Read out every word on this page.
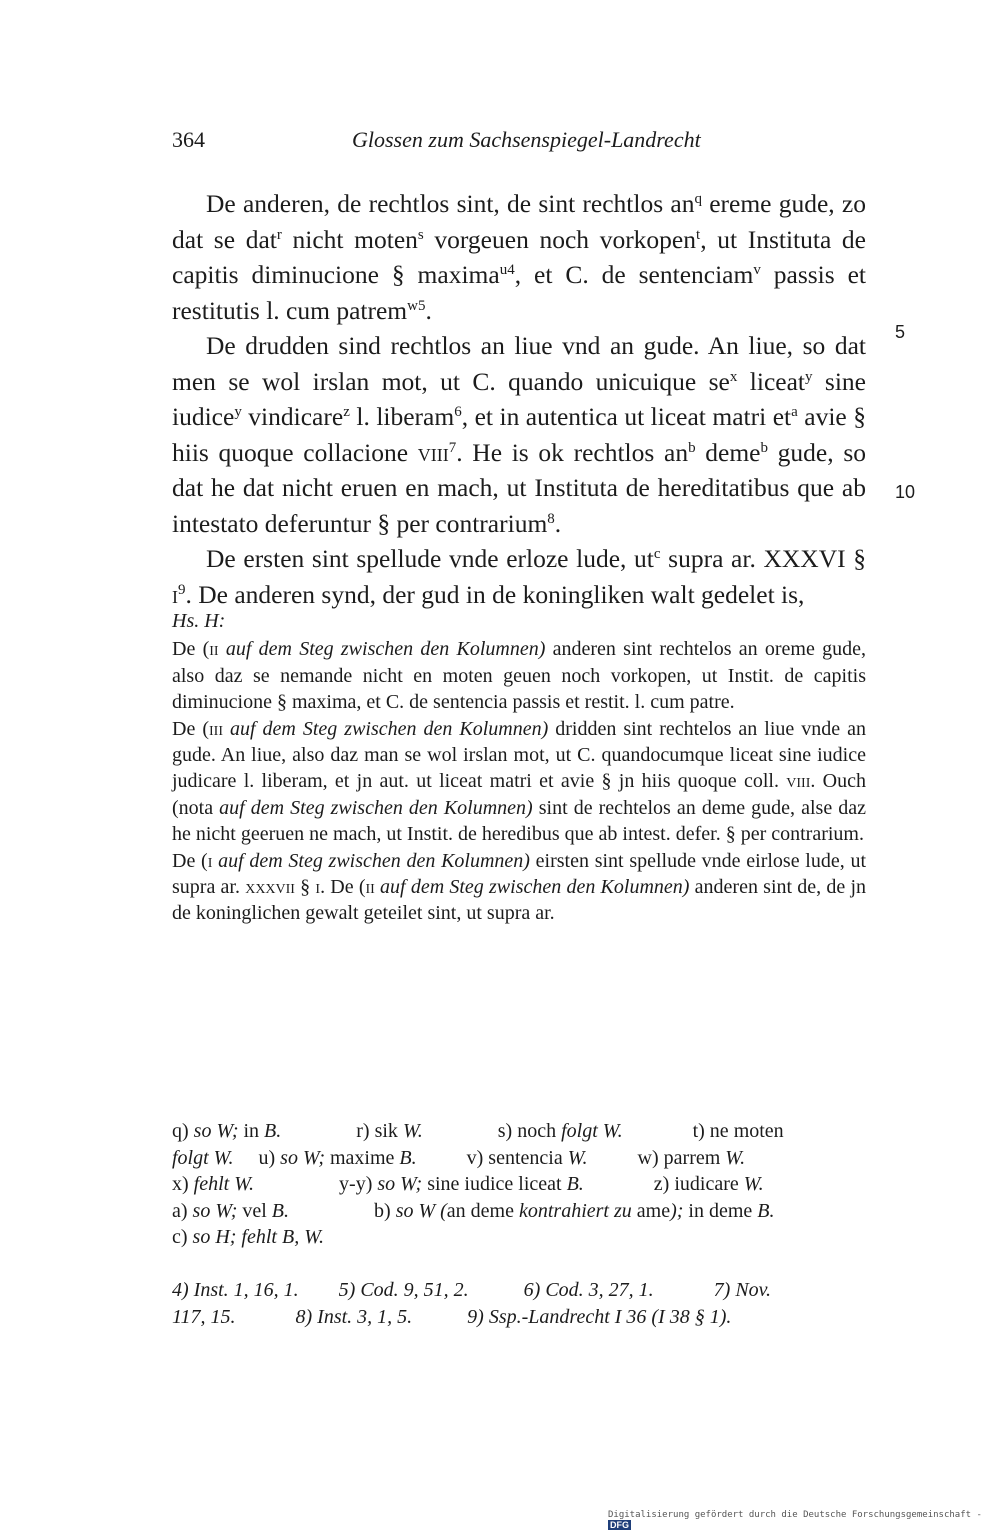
364	Glossen zum Sachsenspiegel-Landrecht

De anderen, de rechtlos sint, de sint rechtlos $an^q$ ereme gude, zo dat se dat$^r$ nicht moten$^s$ vorgeuen noch vorkopen$^t$, ut Instituta de capitis diminucione § maxima$^{u4}$, et C. de sentenciam$^v$ passis et restitutis l. cum patrem$^{w5}$.

De drudden sind rechtlos an liue vnd an gude. An liue, so dat men se wol irslan mot, ut C. quando unicuique $se^x$ liceat$^y$ sine iudice$^y$ vindicare$^z$ l. liberam$^6$, et in autentica ut liceat matri $et^a$ avie § hiis quoque collacione viii$^7$. He is ok rechtlos $an^b$ deme$^b$ gude, so dat he dat nicht eruen en mach, ut Instituta de hereditatibus que ab intestato deferuntur § per contrarium$^8$.

De ersten sint spellude vnde erloze lude, $ut^c$ supra ar. XXXVI § $i^9$. De anderen synd, der gud in de koningliken walt gedelet is,

5
10

Hs. H:

De (ii auf dem Steg zwischen den Kolumnen) anderen sint rechtelos an oreme gude, also daz se nemande nicht en moten geuen noch vorkopen, ut Instit. de capitis diminucione § maxima, et C. de sentencia passis et restit. l. cum patre.

De (iii auf dem Steg zwischen den Kolumnen) dridden sint rechtelos an liue vnde an gude. An liue, also daz man se wol irslan mot, ut C. quandocumque liceat sine iudice judicare l. liberam, et jn aut. ut liceat matri et avie § jn hiis quoque coll. viii. Ouch (nota auf dem Steg zwischen den Kolumnen) sint de rechtelos an deme gude, alse daz he nicht geeruen ne mach, ut Instit. de heredibus que ab intest. defer. § per contrarium.

De (i auf dem Steg zwischen den Kolumnen) eirsten sint spellude vnde eirlose lude, ut supra ar. xxxvii § i. De (ii auf dem Steg zwischen den Kolumnen) anderen sint de, de jn de koninglichen gewalt geteilet sint, ut supra ar.

q) so W; in B.               r) sik W.               s) noch folgt W.              t) ne moten

folgt W.     u) so W; maxime B.          v) sentencia W.          w) parrem W.

x) fehlt W.                 y-y) so W; sine iudice liceat B.              z) iudicare W.

a) so W; vel B.                 b) so W (an deme kontrahiert zu ame); in deme B.

c) so H; fehlt B, W.

4) Inst. 1, 16, 1.        5) Cod. 9, 51, 2.           6) Cod. 3, 27, 1.            7) Nov.

117, 15.            8) Inst. 3, 1, 5.           9) Ssp.-Landrecht I 36 (I 38 § 1).

Digitalisierung gefördert durch die Deutsche Forschungsgemeinschaft - DFG
